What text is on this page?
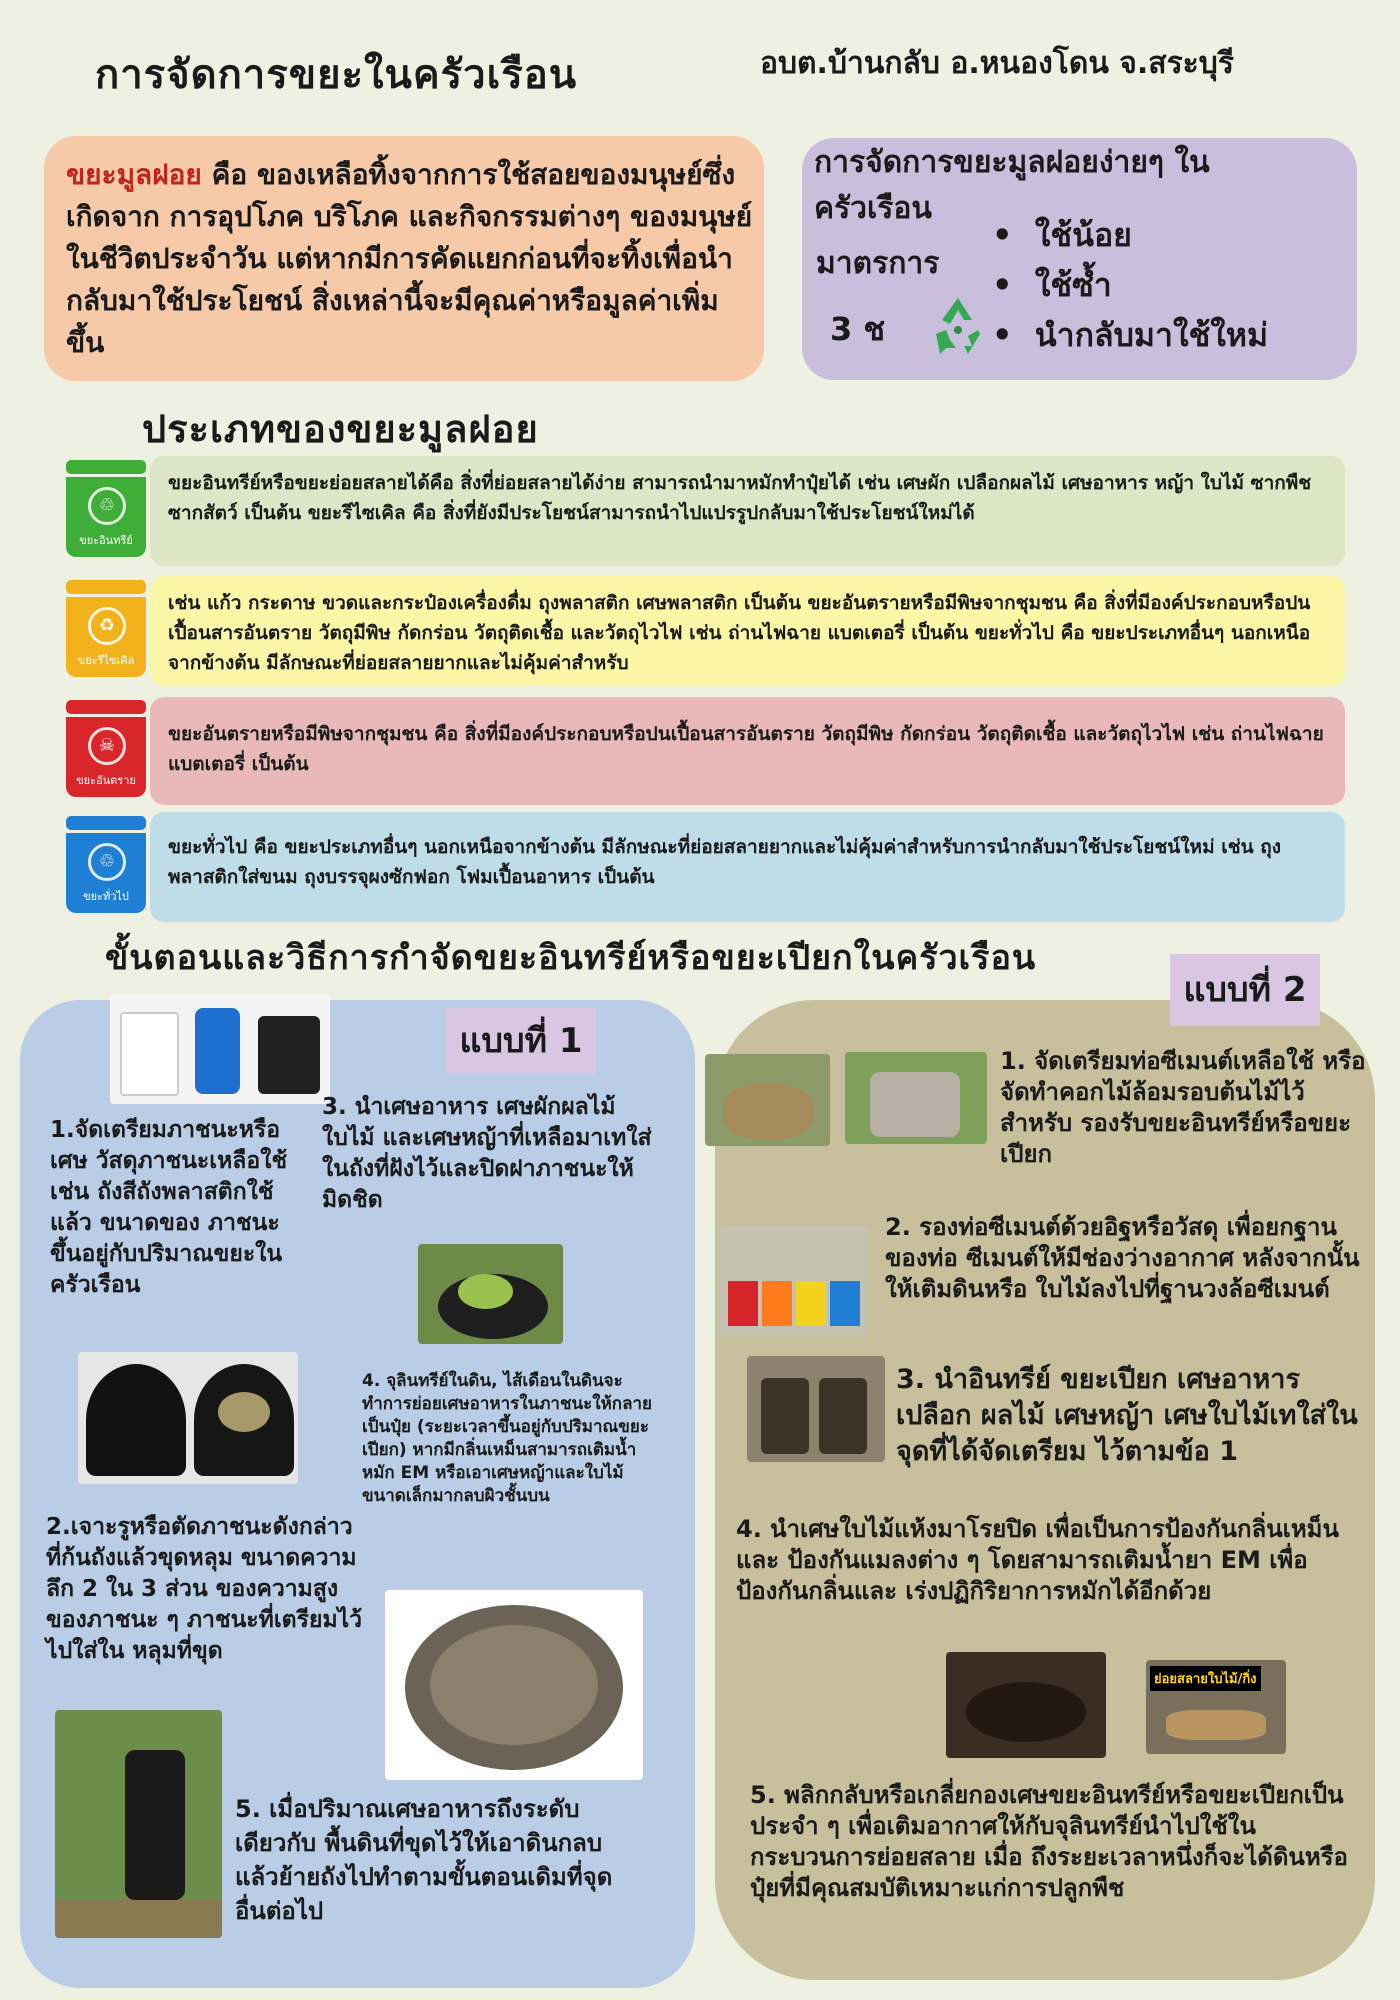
การจัดการขยะในครัวเรือน	อบต.บ้านกลับ อ.หนองโดน จ.สระบุรี
ขยะมูลฝอย คือ ของเหลือทิ้งจากการใช้สอยของมนุษย์ซึ่งเกิดจาก การอุปโภค บริโภค และกิจกรรมต่างๆ ของมนุษย์ในชีวิตประจำวัน แต่หากมีการคัดแยกก่อนที่จะทิ้งเพื่อนำกลับมาใช้ประโยชน์ สิ่งเหล่านี้จะมีคุณค่าหรือมูลค่าเพิ่มขึ้น
การจัดการขยะมูลฝอยง่ายๆ ในครัวเรือน
มาตรการ
3 ช
•  ใช้น้อย
•  ใช้ซ้ำ
•  นำกลับมาใช้ใหม่
ประเภทของขยะมูลฝอย
♲
ขยะอินทรีย์
ขยะอินทรีย์หรือขยะย่อยสลายได้คือ สิ่งที่ย่อยสลายได้ง่าย สามารถนำมาหมักทำปุ๋ยได้ เช่น เศษผัก เปลือกผลไม้ เศษอาหาร หญ้า ใบไม้ ซากพืช ซากสัตว์ เป็นต้น ขยะรีไซเคิล คือ สิ่งที่ยังมีประโยชน์สามารถนำไปแปรรูปกลับมาใช้ประโยชน์ใหม่ได้
♻
ขยะรีไซเคิล
เช่น แก้ว กระดาษ ขวดและกระป๋องเครื่องดื่ม ถุงพลาสติก เศษพลาสติก เป็นต้น ขยะอันตรายหรือมีพิษจากชุมชน คือ สิ่งที่มีองค์ประกอบหรือปนเปื้อนสารอันตราย วัตถุมีพิษ กัดกร่อน วัตถุติดเชื้อ และวัตถุไวไฟ เช่น ถ่านไฟฉาย แบตเตอรี่ เป็นต้น ขยะทั่วไป คือ ขยะประเภทอื่นๆ นอกเหนือจากข้างต้น มีลักษณะที่ย่อยสลายยากและไม่คุ้มค่าสำหรับ
☠
ขยะอันตราย
ขยะอันตรายหรือมีพิษจากชุมชน คือ สิ่งที่มีองค์ประกอบหรือปนเปื้อนสารอันตราย วัตถุมีพิษ กัดกร่อน วัตถุติดเชื้อ และวัตถุไวไฟ เช่น ถ่านไฟฉาย แบตเตอรี่ เป็นต้น
♲
ขยะทั่วไป
ขยะทั่วไป คือ ขยะประเภทอื่นๆ นอกเหนือจากข้างต้น มีลักษณะที่ย่อยสลายยากและไม่คุ้มค่าสำหรับการนำกลับมาใช้ประโยชน์ใหม่ เช่น ถุงพลาสติกใส่ขนม ถุงบรรจุผงซักฟอก โฟมเปื้อนอาหาร เป็นต้น
ขั้นตอนและวิธีการกำจัดขยะอินทรีย์หรือขยะเปียกในครัวเรือน
แบบที่ 1
1.จัดเตรียมภาชนะหรือเศษ วัสดุภาชนะเหลือใช้ เช่น ถังสีถังพลาสติกใช้แล้ว ขนาดของ ภาชนะขึ้นอยู่กับปริมาณขยะในครัวเรือน
3. นำเศษอาหาร เศษผักผลไม้ใบไม้ และเศษหญ้าที่เหลือมาเทใส่ในถังที่ฝังไว้และปิดฝาภาชนะให้มิดชิด
4. จุลินทรีย์ในดิน, ไส้เดือนในดินจะทำการย่อยเศษอาหารในภาชนะให้กลายเป็นปุ๋ย (ระยะเวลาขึ้นอยู่กับปริมาณขยะเปียก) หากมีกลิ่นเหม็นสามารถเติมน้ำหมัก EM หรือเอาเศษหญ้าและใบไม้ขนาดเล็กมากลบผิวชั้นบน
2.เจาะรูหรือตัดภาชนะดังกล่าวที่ก้นถังแล้วขุดหลุม ขนาดความลึก 2 ใน 3 ส่วน ของความสูงของภาชนะ ๆ ภาชนะที่เตรียมไว้ไปใส่ใน หลุมที่ขุด
5. เมื่อปริมาณเศษอาหารถึงระดับเดียวกับ พื้นดินที่ขุดไว้ให้เอาดินกลบ แล้วย้ายถังไปทำตามขั้นตอนเดิมที่จุดอื่นต่อไป
แบบที่ 2
ย่อยสลายใบไม้/กิ่ง
1. จัดเตรียมท่อซีเมนต์เหลือใช้ หรือ จัดทำคอกไม้ล้อมรอบต้นไม้ไว้ สำหรับ รองรับขยะอินทรีย์หรือขยะเปียก
2. รองท่อซีเมนต์ด้วยอิฐหรือวัสดุ เพื่อยกฐานของท่อ ซีเมนต์ให้มีช่องว่างอากาศ หลังจากนั้นให้เติมดินหรือ ใบไม้ลงไปที่ฐานวงล้อซีเมนต์
3. นำอินทรีย์ ขยะเปียก เศษอาหาร เปลือก ผลไม้ เศษหญ้า เศษใบไม้เทใส่ในจุดที่ได้จัดเตรียม ไว้ตามข้อ 1
4. นำเศษใบไม้แห้งมาโรยปิด เพื่อเป็นการป้องกันกลิ่นเหม็นและ ป้องกันแมลงต่าง ๆ โดยสามารถเติมน้ำยา EM เพื่อป้องกันกลิ่นและ เร่งปฏิกิริยาการหมักได้อีกด้วย
5. พลิกกลับหรือเกลี่ยกองเศษขยะอินทรีย์หรือขยะเปียกเป็นประจำ ๆ เพื่อเติมอากาศให้กับจุลินทรีย์นำไปใช้ในกระบวนการย่อยสลาย เมื่อ ถึงระยะเวลาหนึ่งก็จะได้ดินหรือปุ๋ยที่มีคุณสมบัติเหมาะแก่การปลูกพืช
